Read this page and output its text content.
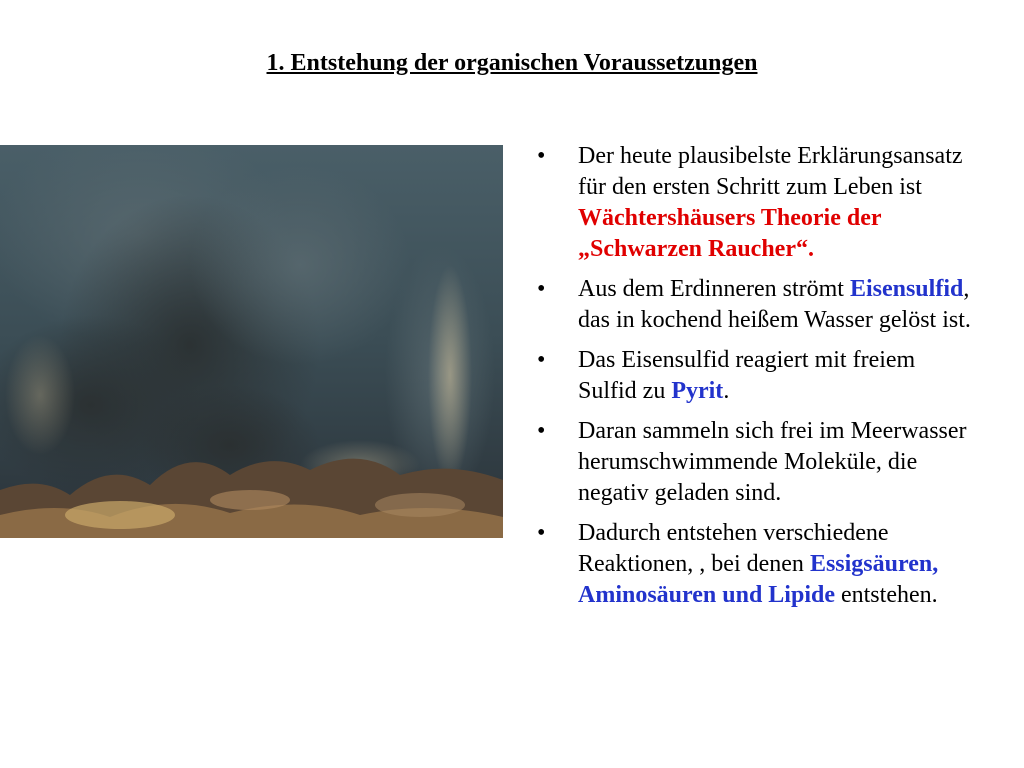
1. Entstehung der organischen Voraussetzungen
• Der heute plausibelste Erklärungsansatz für den ersten Schritt zum Leben ist Wächtershäusers Theorie der „Schwarzen Raucher“.
• Aus dem Erdinneren strömt Eisensulfid, das in kochend heißem Wasser gelöst ist.
• Das Eisensulfid reagiert mit freiem Sulfid zu Pyrit.
• Daran sammeln sich frei im Meerwasser herumschwimmende Moleküle, die negativ geladen sind.
• Dadurch entstehen verschiedene Reaktionen, , bei denen Essigsäuren, Aminosäuren und Lipide entstehen.
